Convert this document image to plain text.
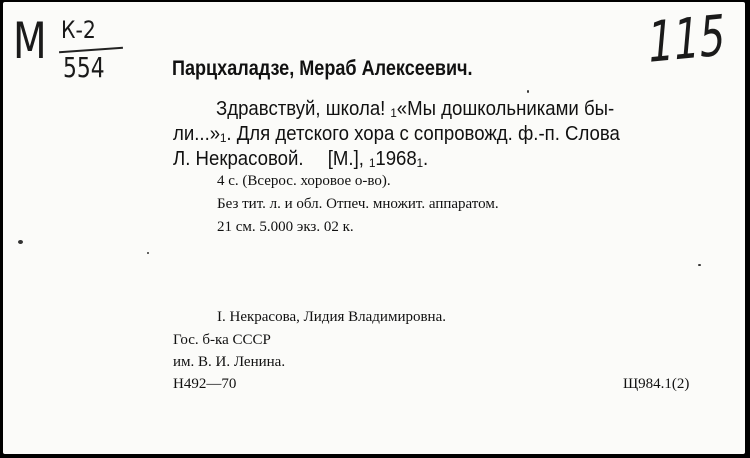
М К-2
554	115
Парцхаладзе, Мераб Алексеевич.
Здравствуй, школа! ₁«Мы дошкольниками бы-
ли...»₁. Для детского хора с сопровожд. ф.-п. Слова
Л. Некрасовой. [М.], ₁1968₁.
4 с. (Всерос. хоровое о-во).
Без тит. л. и обл. Отпеч. множит. аппаратом.
21 см. 5.000 экз. 02 к.
I. Некрасова, Лидия Владимировна.
Гос. б-ка СССР
им. В. И. Ленина.
Н492—70	Щ984.1(2)
